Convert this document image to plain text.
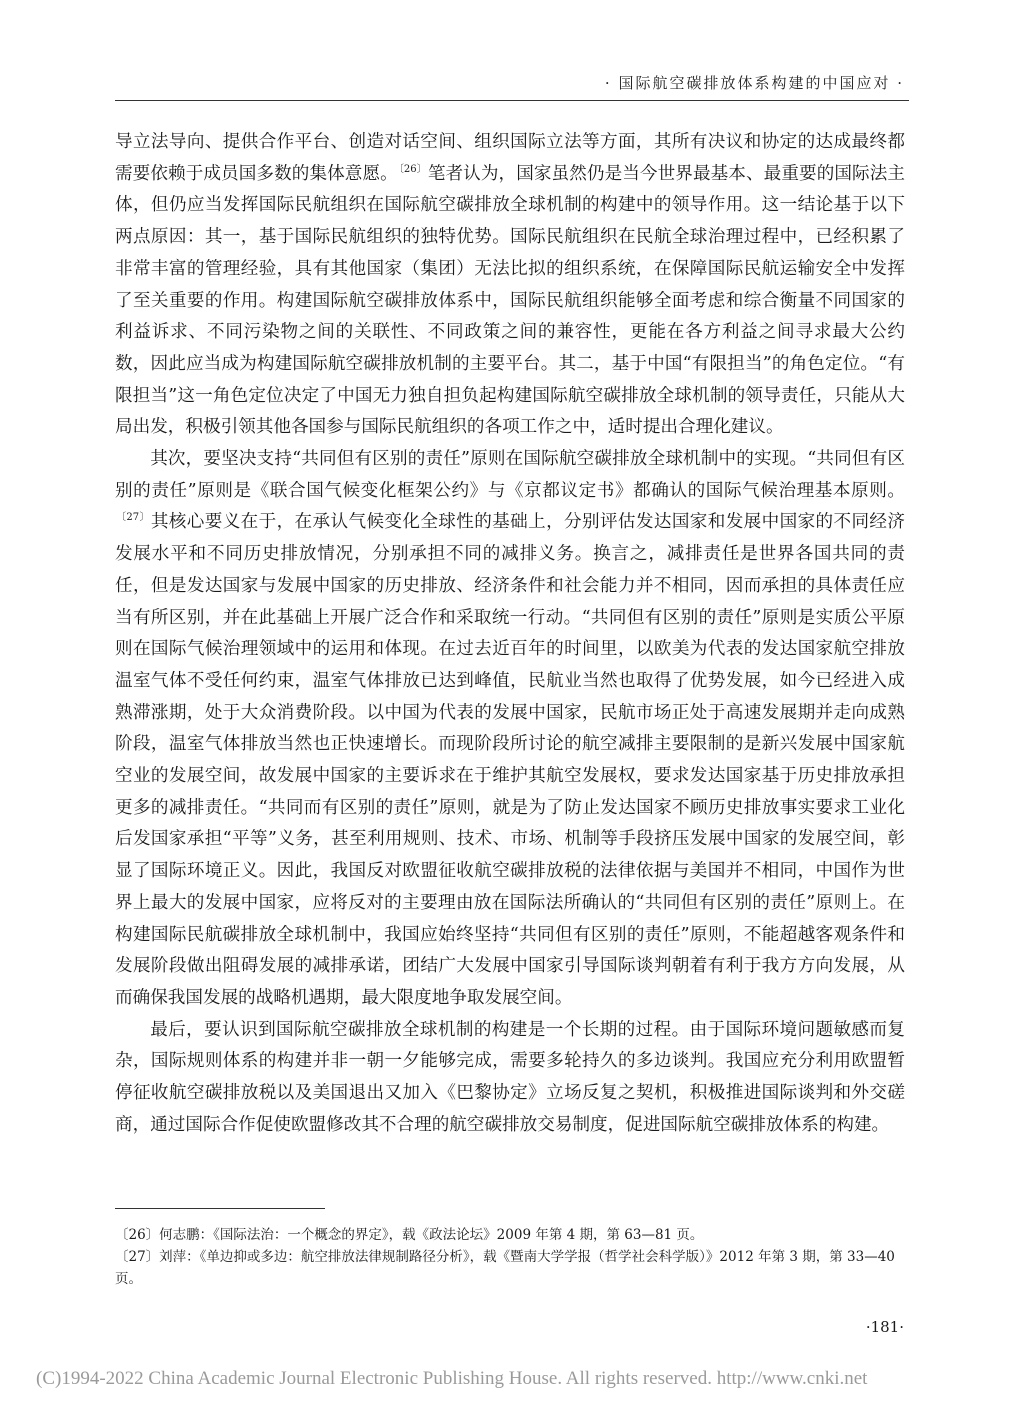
· 国际航空碳排放体系构建的中国应对 ·

导立法导向、提供合作平台、创造对话空间、组织国际立法等方面，其所有决议和协定的达成最终都需要依赖于成员国多数的集体意愿。$^{〔26〕}$笔者认为，国家虽然仍是当今世界最基本、最重要的国际法主体，但仍应当发挥国际民航组织在国际航空碳排放全球机制的构建中的领导作用。这一结论基于以下两点原因：其一，基于国际民航组织的独特优势。国际民航组织在民航全球治理过程中，已经积累了非常丰富的管理经验，具有其他国家（集团）无法比拟的组织系统，在保障国际民航运输安全中发挥了至关重要的作用。构建国际航空碳排放体系中，国际民航组织能够全面考虑和综合衡量不同国家的利益诉求、不同污染物之间的关联性、不同政策之间的兼容性，更能在各方利益之间寻求最大公约数，因此应当成为构建国际航空碳排放机制的主要平台。其二，基于中国“有限担当”的角色定位。“有限担当”这一角色定位决定了中国无力独自担负起构建国际航空碳排放全球机制的领导责任，只能从大局出发，积极引领其他各国参与国际民航组织的各项工作之中，适时提出合理化建议。

其次，要坚决支持“共同但有区别的责任”原则在国际航空碳排放全球机制中的实现。“共同但有区别的责任”原则是《联合国气候变化框架公约》与《京都议定书》都确认的国际气候治理基本原则。$^{〔27〕}$其核心要义在于，在承认气候变化全球性的基础上，分别评估发达国家和发展中国家的不同经济发展水平和不同历史排放情况，分别承担不同的减排义务。换言之，减排责任是世界各国共同的责任，但是发达国家与发展中国家的历史排放、经济条件和社会能力并不相同，因而承担的具体责任应当有所区别，并在此基础上开展广泛合作和采取统一行动。“共同但有区别的责任”原则是实质公平原则在国际气候治理领域中的运用和体现。在过去近百年的时间里，以欧美为代表的发达国家航空排放温室气体不受任何约束，温室气体排放已达到峰值，民航业当然也取得了优势发展，如今已经进入成熟滞涨期，处于大众消费阶段。以中国为代表的发展中国家，民航市场正处于高速发展期并走向成熟阶段，温室气体排放当然也正快速增长。而现阶段所讨论的航空减排主要限制的是新兴发展中国家航空业的发展空间，故发展中国家的主要诉求在于维护其航空发展权，要求发达国家基于历史排放承担更多的减排责任。“共同而有区别的责任”原则，就是为了防止发达国家不顾历史排放事实要求工业化后发国家承担“平等”义务，甚至利用规则、技术、市场、机制等手段挤压发展中国家的发展空间，彰显了国际环境正义。因此，我国反对欧盟征收航空碳排放税的法律依据与美国并不相同，中国作为世界上最大的发展中国家，应将反对的主要理由放在国际法所确认的“共同但有区别的责任”原则上。在构建国际民航碳排放全球机制中，我国应始终坚持“共同但有区别的责任”原则，不能超越客观条件和发展阶段做出阻碍发展的减排承诺，团结广大发展中国家引导国际谈判朝着有利于我方方向发展，从而确保我国发展的战略机遇期，最大限度地争取发展空间。

最后，要认识到国际航空碳排放全球机制的构建是一个长期的过程。由于国际环境问题敏感而复杂，国际规则体系的构建并非一朝一夕能够完成，需要多轮持久的多边谈判。我国应充分利用欧盟暂停征收航空碳排放税以及美国退出又加入《巴黎协定》立场反复之契机，积极推进国际谈判和外交磋商，通过国际合作促使欧盟修改其不合理的航空碳排放交易制度，促进国际航空碳排放体系的构建。

〔26〕何志鹏：《国际法治：一个概念的界定》，载《政法论坛》2009 年第 4 期，第 63—81 页。

〔27〕刘萍：《单边抑或多边：航空排放法律规制路径分析》，载《暨南大学学报（哲学社会科学版）》2012 年第 3 期，第 33—40 页。

·181·
(C)1994-2022 China Academic Journal Electronic Publishing House. All rights reserved. http://www.cnki.net
